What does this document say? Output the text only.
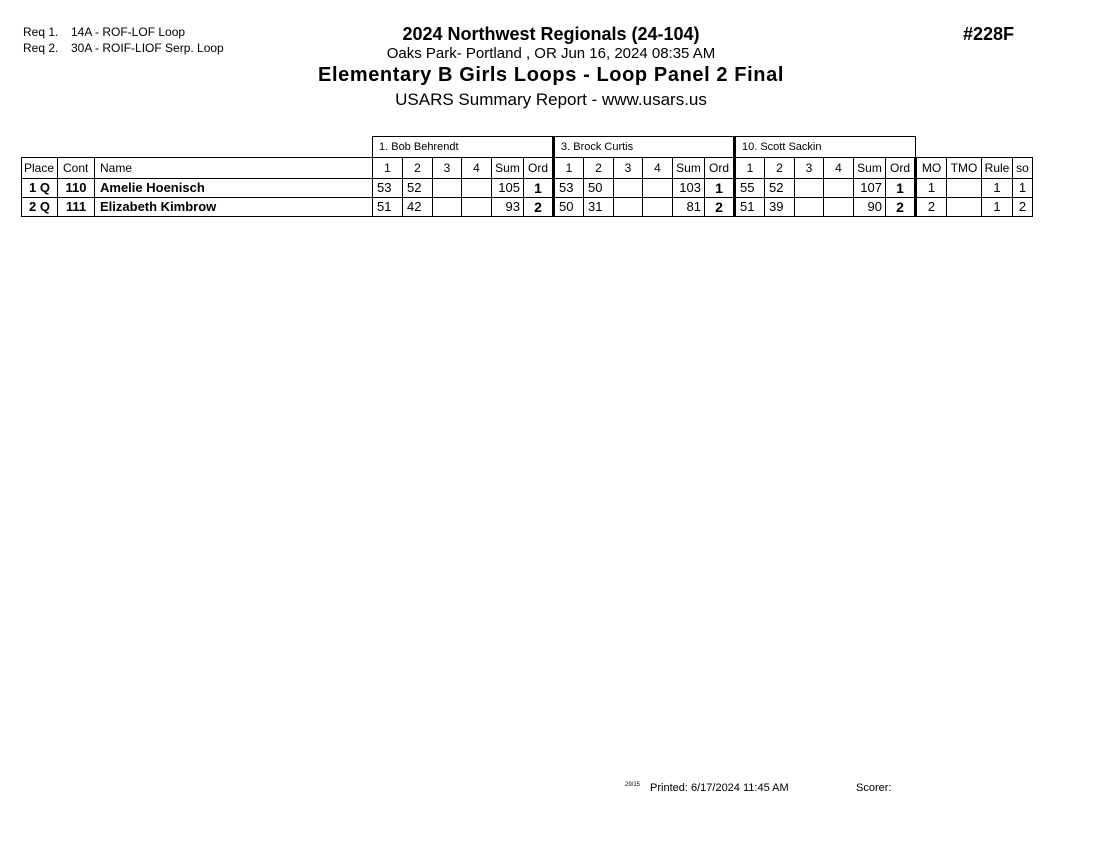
Req 1. 14A - ROF-LOF Loop
Req 2. 30A - ROIF-LIOF Serp. Loop
2024 Northwest Regionals (24-104)
Oaks Park- Portland , OR Jun 16, 2024 08:35 AM
Elementary B Girls Loops - Loop Panel 2 Final
USARS Summary Report - www.usars.us
#228F
			1. Bob Behrendt						3. Brock Curtis						10. Scott Sackin									
Place	Cont	Name	1	2	3	4	Sum	Ord	1	2	3	4	Sum	Ord	1	2	3	4	Sum	Ord	MO	TMO	Rule	so
1 Q	110	Amelie Hoenisch	53	52			105	1	53	50			103	1	55	52			107	1	1		1	1
2 Q	111	Elizabeth Kimbrow	51	42			93	2	50	31			81	2	51	39			90	2	2		1	2
$^{29/15}$ Printed: 6/17/2024 11:45 AM	Scorer:
